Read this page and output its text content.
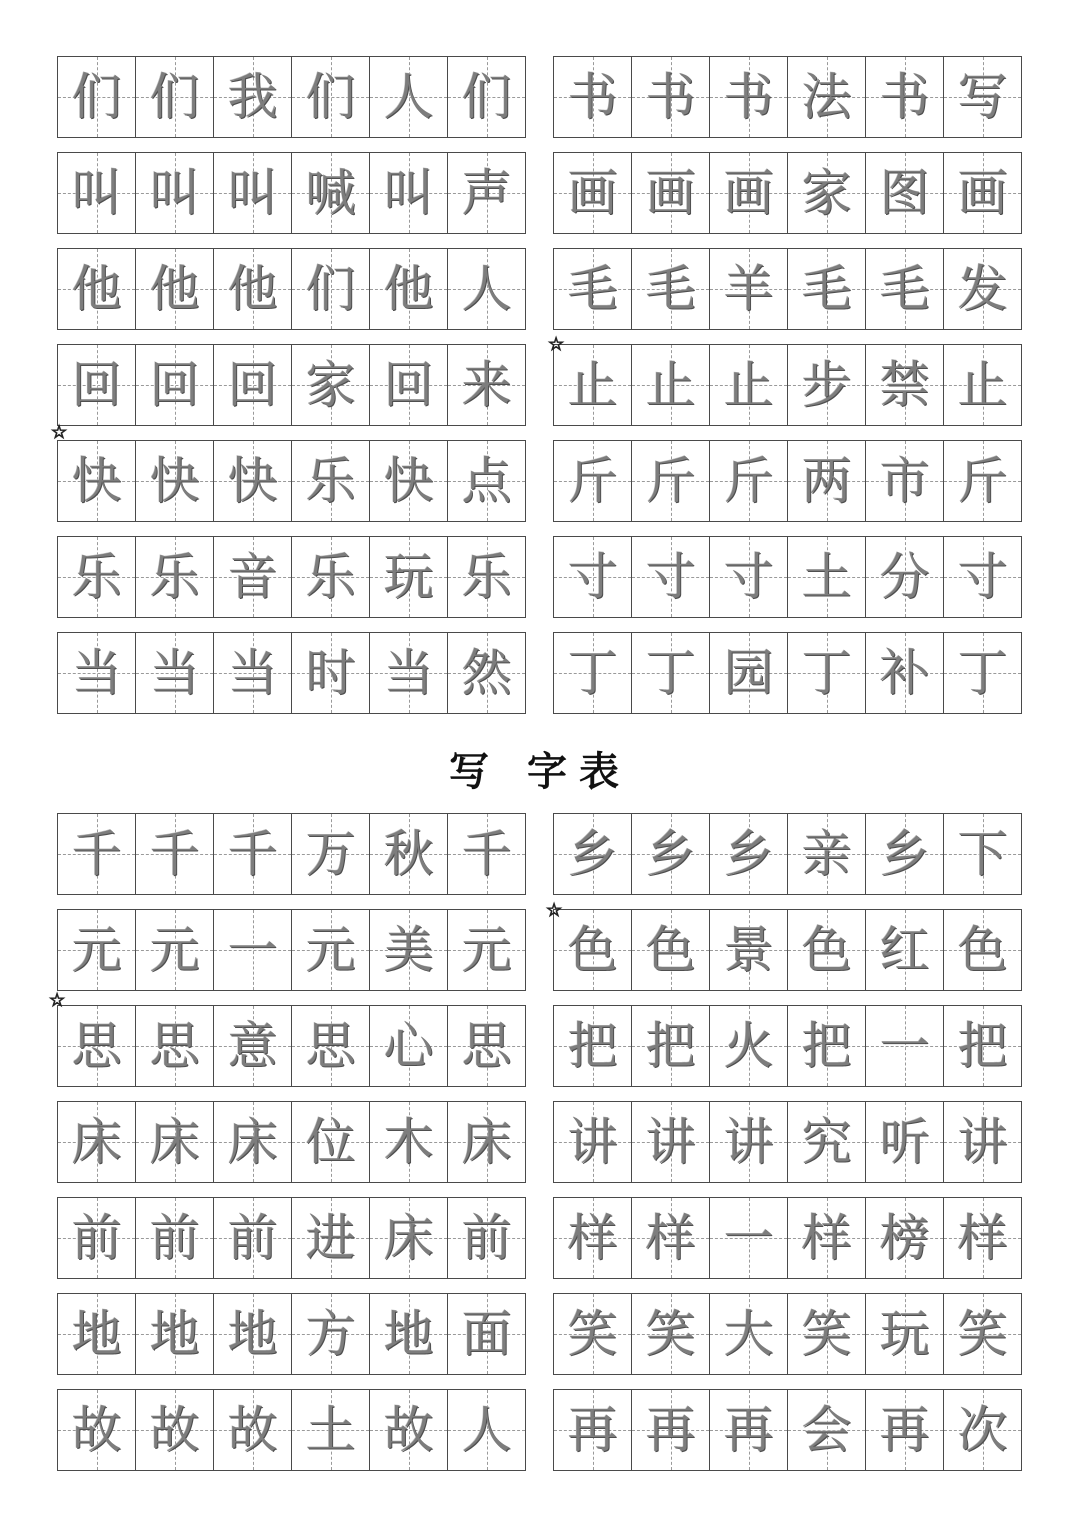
们 们 我 们 人 们
叫 叫 叫 喊 叫 声
他 他 他 们 他 人
回 回 回 家 回 来
快 快 快 乐 快 点
乐 乐 音 乐 玩 乐
当 当 当 时 当 然
书 书 书 法 书 写
画 画 画 家 图 画
毛 毛 羊 毛 毛 发
止 止 止 步 禁 止
斤 斤 斤 两 市 斤
寸 寸 寸 土 分 寸
丁 丁 园 丁 补 丁
写 字表
千 千 千 万 秋 千
元 元 一 元 美 元
思 思 意 思 心 思
床 床 床 位 木 床
前 前 前 进 床 前
地 地 地 方 地 面
故 故 故 土 故 人
乡 乡 乡 亲 乡 下
色 色 景 色 红 色
把 把 火 把 一 把
讲 讲 讲 究 听 讲
样 样 一 样 榜 样
笑 笑 大 笑 玩 笑
再 再 再 会 再 次
☆
☆
☆
☆
